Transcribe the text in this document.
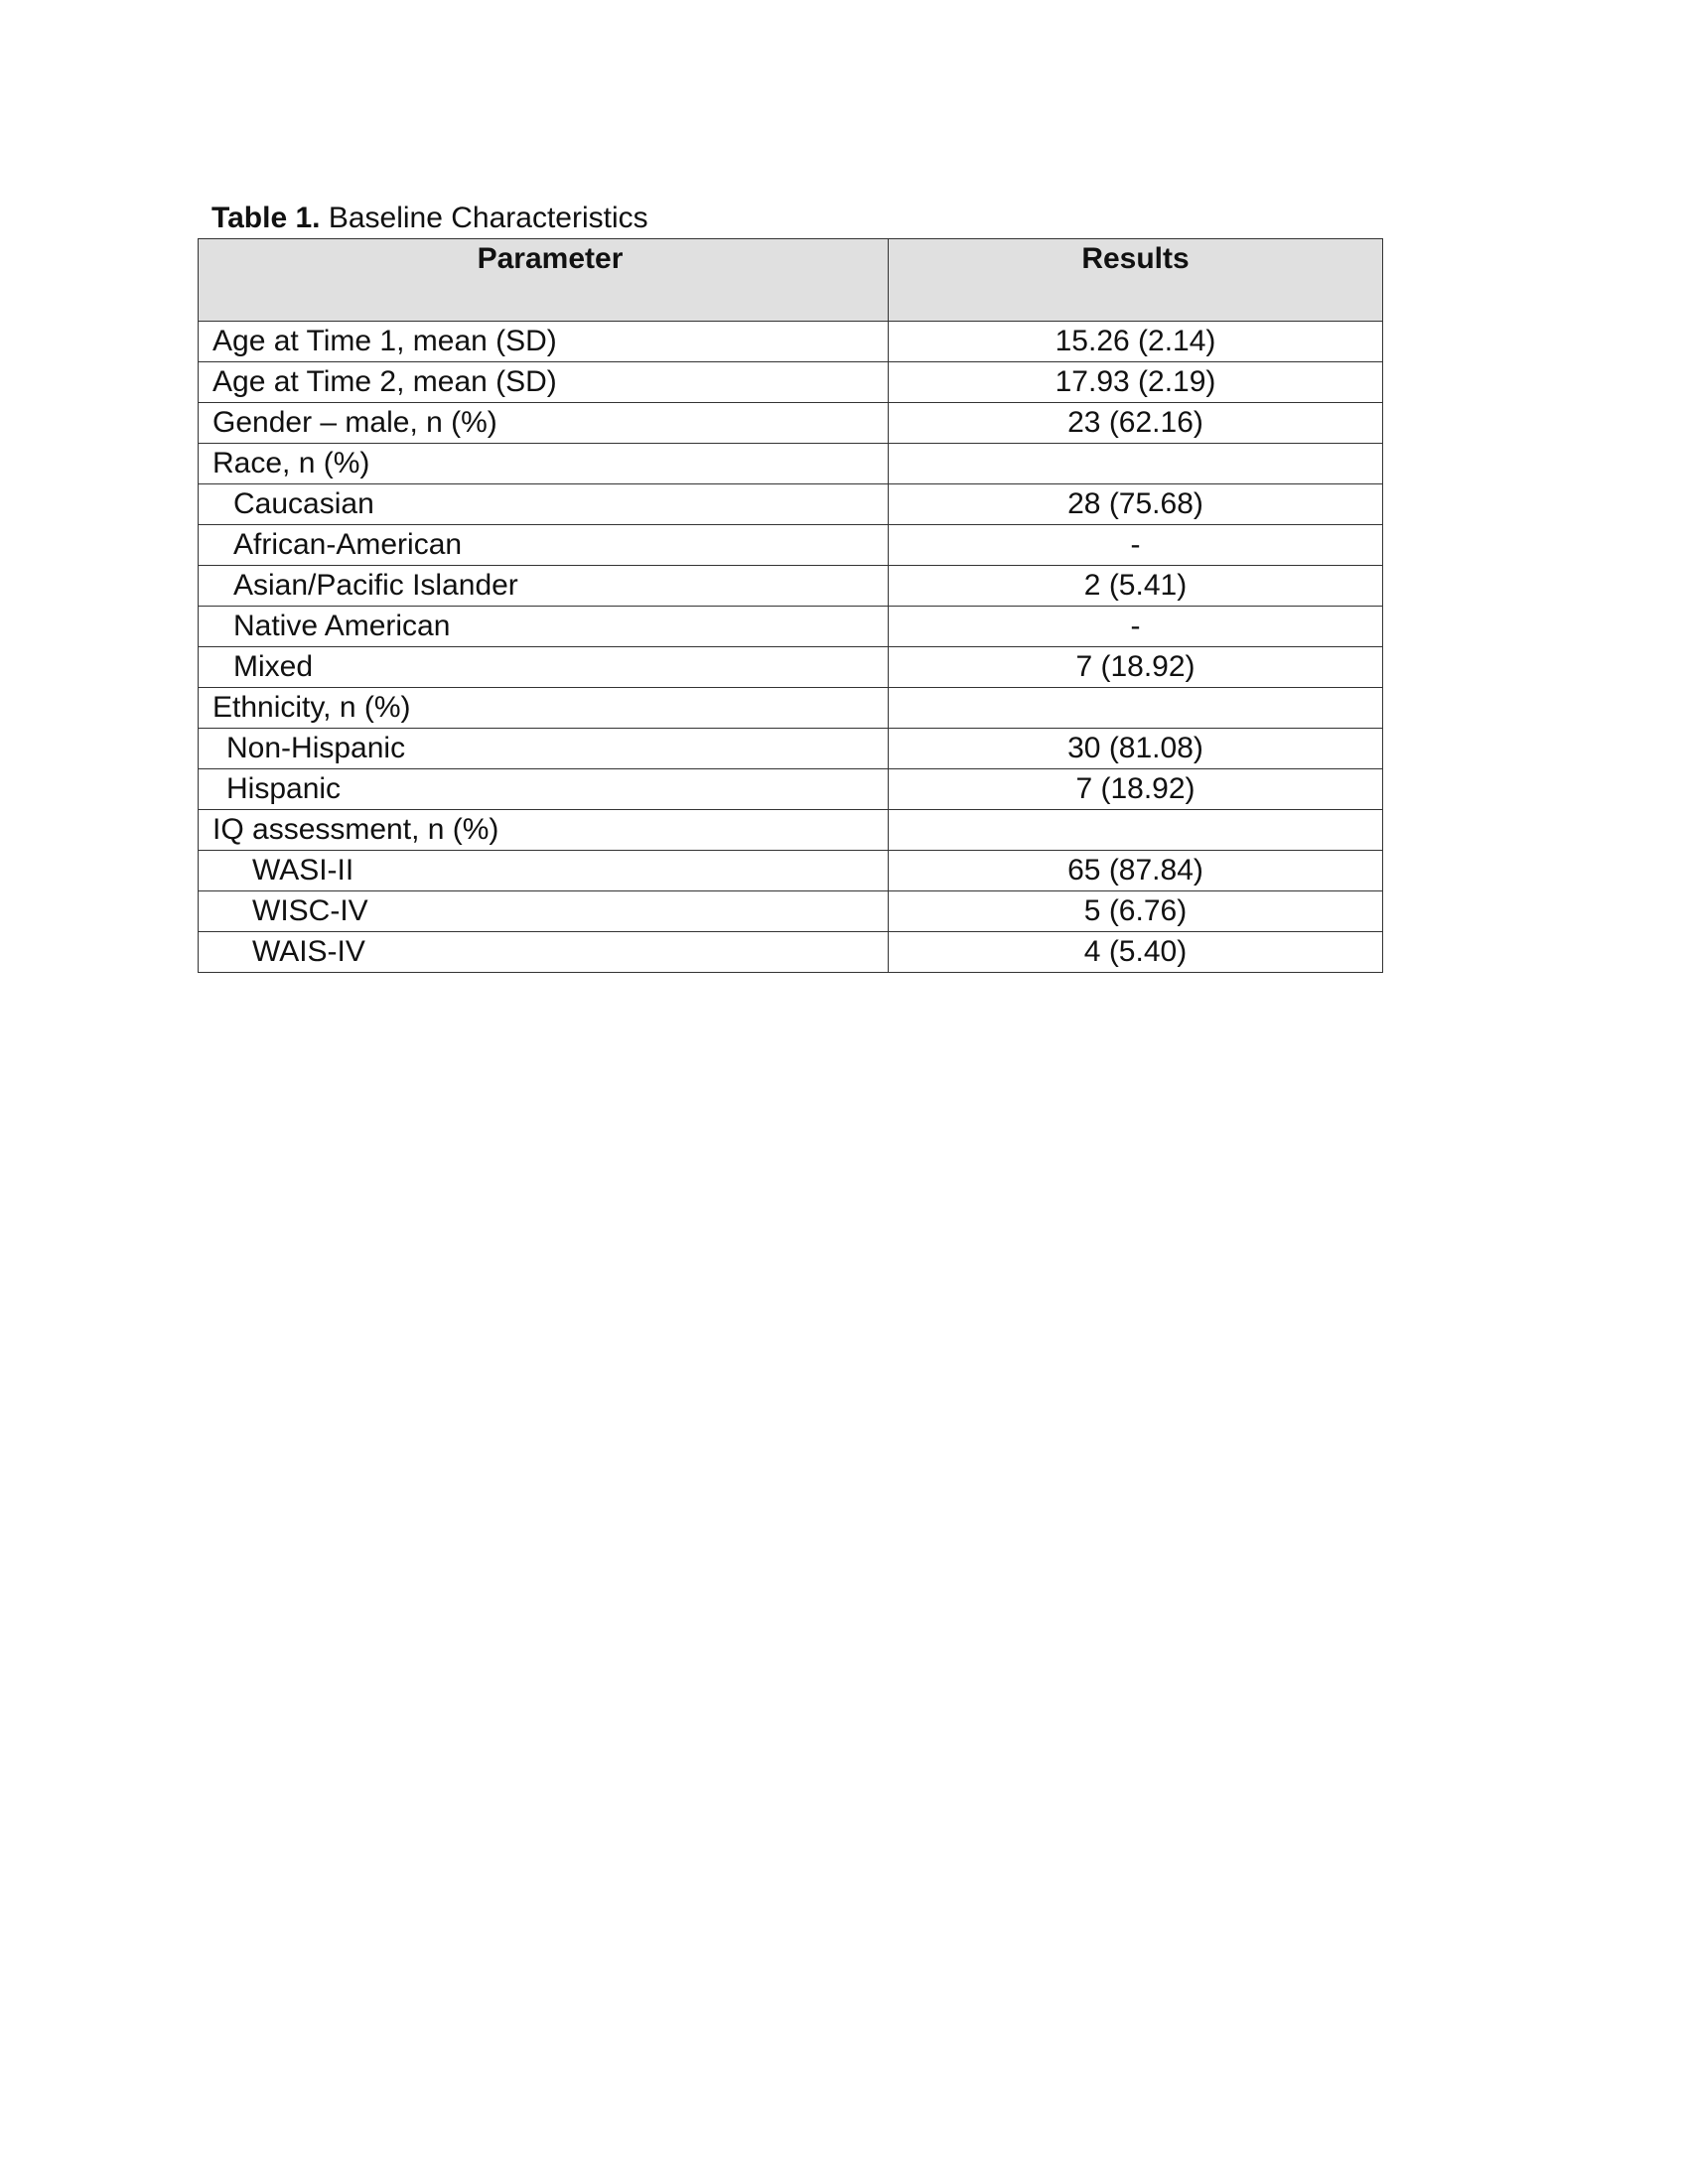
Table 1. Baseline Characteristics
Parameter	Results
Age at Time 1, mean (SD)	15.26 (2.14)
Age at Time 2, mean (SD)	17.93 (2.19)
Gender – male, n (%)	23 (62.16)
Race, n (%)	
Caucasian	28 (75.68)
African-American	-
Asian/Pacific Islander	2 (5.41)
Native American	-
Mixed	7 (18.92)
Ethnicity, n (%)	
Non-Hispanic	30 (81.08)
Hispanic	7 (18.92)
IQ assessment, n (%)	
WASI-II	65 (87.84)
WISC-IV	5 (6.76)
WAIS-IV	4 (5.40)
